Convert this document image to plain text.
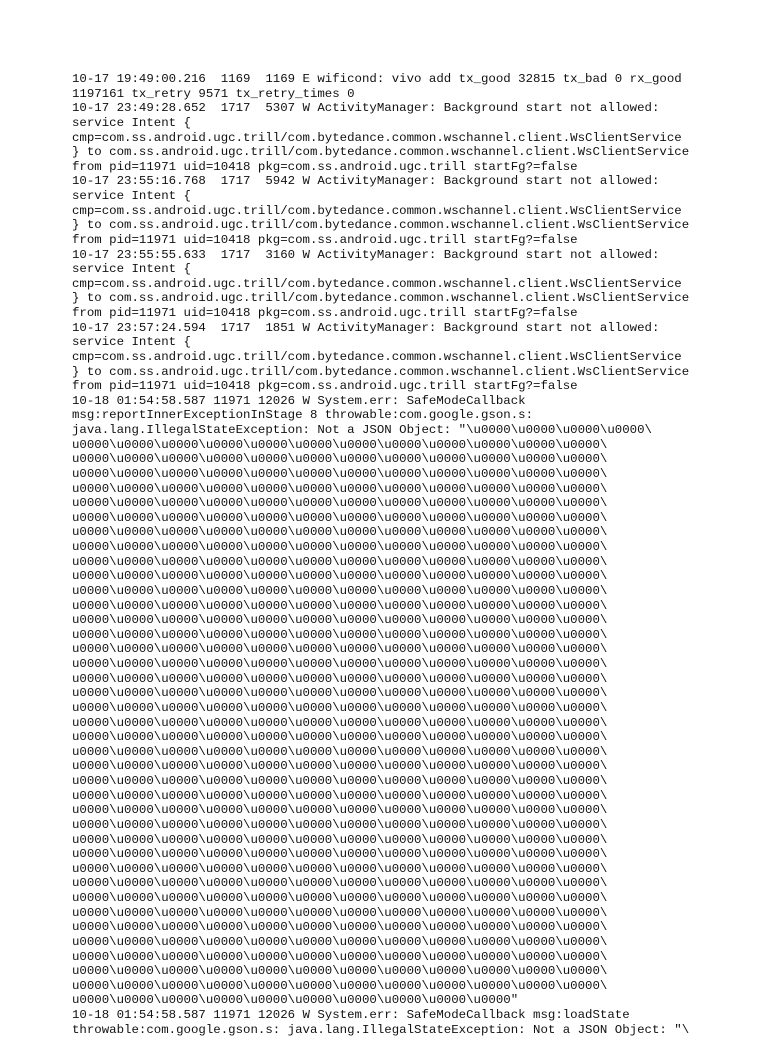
10-17 19:49:00.216  1169  1169 E wificond: vivo add tx_good 32815 tx_bad 0 rx_good
1197161 tx_retry 9571 tx_retry_times 0
10-17 23:49:28.652  1717  5307 W ActivityManager: Background start not allowed:
service Intent {
cmp=com.ss.android.ugc.trill/com.bytedance.common.wschannel.client.WsClientService
} to com.ss.android.ugc.trill/com.bytedance.common.wschannel.client.WsClientService
from pid=11971 uid=10418 pkg=com.ss.android.ugc.trill startFg?=false
10-17 23:55:16.768  1717  5942 W ActivityManager: Background start not allowed:
service Intent {
cmp=com.ss.android.ugc.trill/com.bytedance.common.wschannel.client.WsClientService
} to com.ss.android.ugc.trill/com.bytedance.common.wschannel.client.WsClientService
from pid=11971 uid=10418 pkg=com.ss.android.ugc.trill startFg?=false
10-17 23:55:55.633  1717  3160 W ActivityManager: Background start not allowed:
service Intent {
cmp=com.ss.android.ugc.trill/com.bytedance.common.wschannel.client.WsClientService
} to com.ss.android.ugc.trill/com.bytedance.common.wschannel.client.WsClientService
from pid=11971 uid=10418 pkg=com.ss.android.ugc.trill startFg?=false
10-17 23:57:24.594  1717  1851 W ActivityManager: Background start not allowed:
service Intent {
cmp=com.ss.android.ugc.trill/com.bytedance.common.wschannel.client.WsClientService
} to com.ss.android.ugc.trill/com.bytedance.common.wschannel.client.WsClientService
from pid=11971 uid=10418 pkg=com.ss.android.ugc.trill startFg?=false
10-18 01:54:58.587 11971 12026 W System.err: SafeModeCallback
msg:reportInnerExceptionInStage 8 throwable:com.google.gson.s:
java.lang.IllegalStateException: Not a JSON Object: "\u0000\u0000\u0000\u0000\
u0000\u0000\u0000\u0000\u0000\u0000\u0000\u0000\u0000\u0000\u0000\u0000\
u0000\u0000\u0000\u0000\u0000\u0000\u0000\u0000\u0000\u0000\u0000\u0000\
u0000\u0000\u0000\u0000\u0000\u0000\u0000\u0000\u0000\u0000\u0000\u0000\
u0000\u0000\u0000\u0000\u0000\u0000\u0000\u0000\u0000\u0000\u0000\u0000\
u0000\u0000\u0000\u0000\u0000\u0000\u0000\u0000\u0000\u0000\u0000\u0000\
u0000\u0000\u0000\u0000\u0000\u0000\u0000\u0000\u0000\u0000\u0000\u0000\
u0000\u0000\u0000\u0000\u0000\u0000\u0000\u0000\u0000\u0000\u0000\u0000\
u0000\u0000\u0000\u0000\u0000\u0000\u0000\u0000\u0000\u0000\u0000\u0000\
u0000\u0000\u0000\u0000\u0000\u0000\u0000\u0000\u0000\u0000\u0000\u0000\
u0000\u0000\u0000\u0000\u0000\u0000\u0000\u0000\u0000\u0000\u0000\u0000\
u0000\u0000\u0000\u0000\u0000\u0000\u0000\u0000\u0000\u0000\u0000\u0000\
u0000\u0000\u0000\u0000\u0000\u0000\u0000\u0000\u0000\u0000\u0000\u0000\
u0000\u0000\u0000\u0000\u0000\u0000\u0000\u0000\u0000\u0000\u0000\u0000\
u0000\u0000\u0000\u0000\u0000\u0000\u0000\u0000\u0000\u0000\u0000\u0000\
u0000\u0000\u0000\u0000\u0000\u0000\u0000\u0000\u0000\u0000\u0000\u0000\
u0000\u0000\u0000\u0000\u0000\u0000\u0000\u0000\u0000\u0000\u0000\u0000\
u0000\u0000\u0000\u0000\u0000\u0000\u0000\u0000\u0000\u0000\u0000\u0000\
u0000\u0000\u0000\u0000\u0000\u0000\u0000\u0000\u0000\u0000\u0000\u0000\
u0000\u0000\u0000\u0000\u0000\u0000\u0000\u0000\u0000\u0000\u0000\u0000\
u0000\u0000\u0000\u0000\u0000\u0000\u0000\u0000\u0000\u0000\u0000\u0000\
u0000\u0000\u0000\u0000\u0000\u0000\u0000\u0000\u0000\u0000\u0000\u0000\
u0000\u0000\u0000\u0000\u0000\u0000\u0000\u0000\u0000\u0000\u0000\u0000\
u0000\u0000\u0000\u0000\u0000\u0000\u0000\u0000\u0000\u0000\u0000\u0000\
u0000\u0000\u0000\u0000\u0000\u0000\u0000\u0000\u0000\u0000\u0000\u0000\
u0000\u0000\u0000\u0000\u0000\u0000\u0000\u0000\u0000\u0000\u0000\u0000\
u0000\u0000\u0000\u0000\u0000\u0000\u0000\u0000\u0000\u0000\u0000\u0000\
u0000\u0000\u0000\u0000\u0000\u0000\u0000\u0000\u0000\u0000\u0000\u0000\
u0000\u0000\u0000\u0000\u0000\u0000\u0000\u0000\u0000\u0000\u0000\u0000\
u0000\u0000\u0000\u0000\u0000\u0000\u0000\u0000\u0000\u0000\u0000\u0000\
u0000\u0000\u0000\u0000\u0000\u0000\u0000\u0000\u0000\u0000\u0000\u0000\
u0000\u0000\u0000\u0000\u0000\u0000\u0000\u0000\u0000\u0000\u0000\u0000\
u0000\u0000\u0000\u0000\u0000\u0000\u0000\u0000\u0000\u0000\u0000\u0000\
u0000\u0000\u0000\u0000\u0000\u0000\u0000\u0000\u0000\u0000\u0000\u0000\
u0000\u0000\u0000\u0000\u0000\u0000\u0000\u0000\u0000\u0000\u0000\u0000\
u0000\u0000\u0000\u0000\u0000\u0000\u0000\u0000\u0000\u0000\u0000\u0000\
u0000\u0000\u0000\u0000\u0000\u0000\u0000\u0000\u0000\u0000\u0000\u0000\
u0000\u0000\u0000\u0000\u0000\u0000\u0000\u0000\u0000\u0000\u0000\u0000\
u0000\u0000\u0000\u0000\u0000\u0000\u0000\u0000\u0000\u0000\u0000\u0000\
u0000\u0000\u0000\u0000\u0000\u0000\u0000\u0000\u0000\u0000"
10-18 01:54:58.587 11971 12026 W System.err: SafeModeCallback msg:loadState
throwable:com.google.gson.s: java.lang.IllegalStateException: Not a JSON Object: "\
